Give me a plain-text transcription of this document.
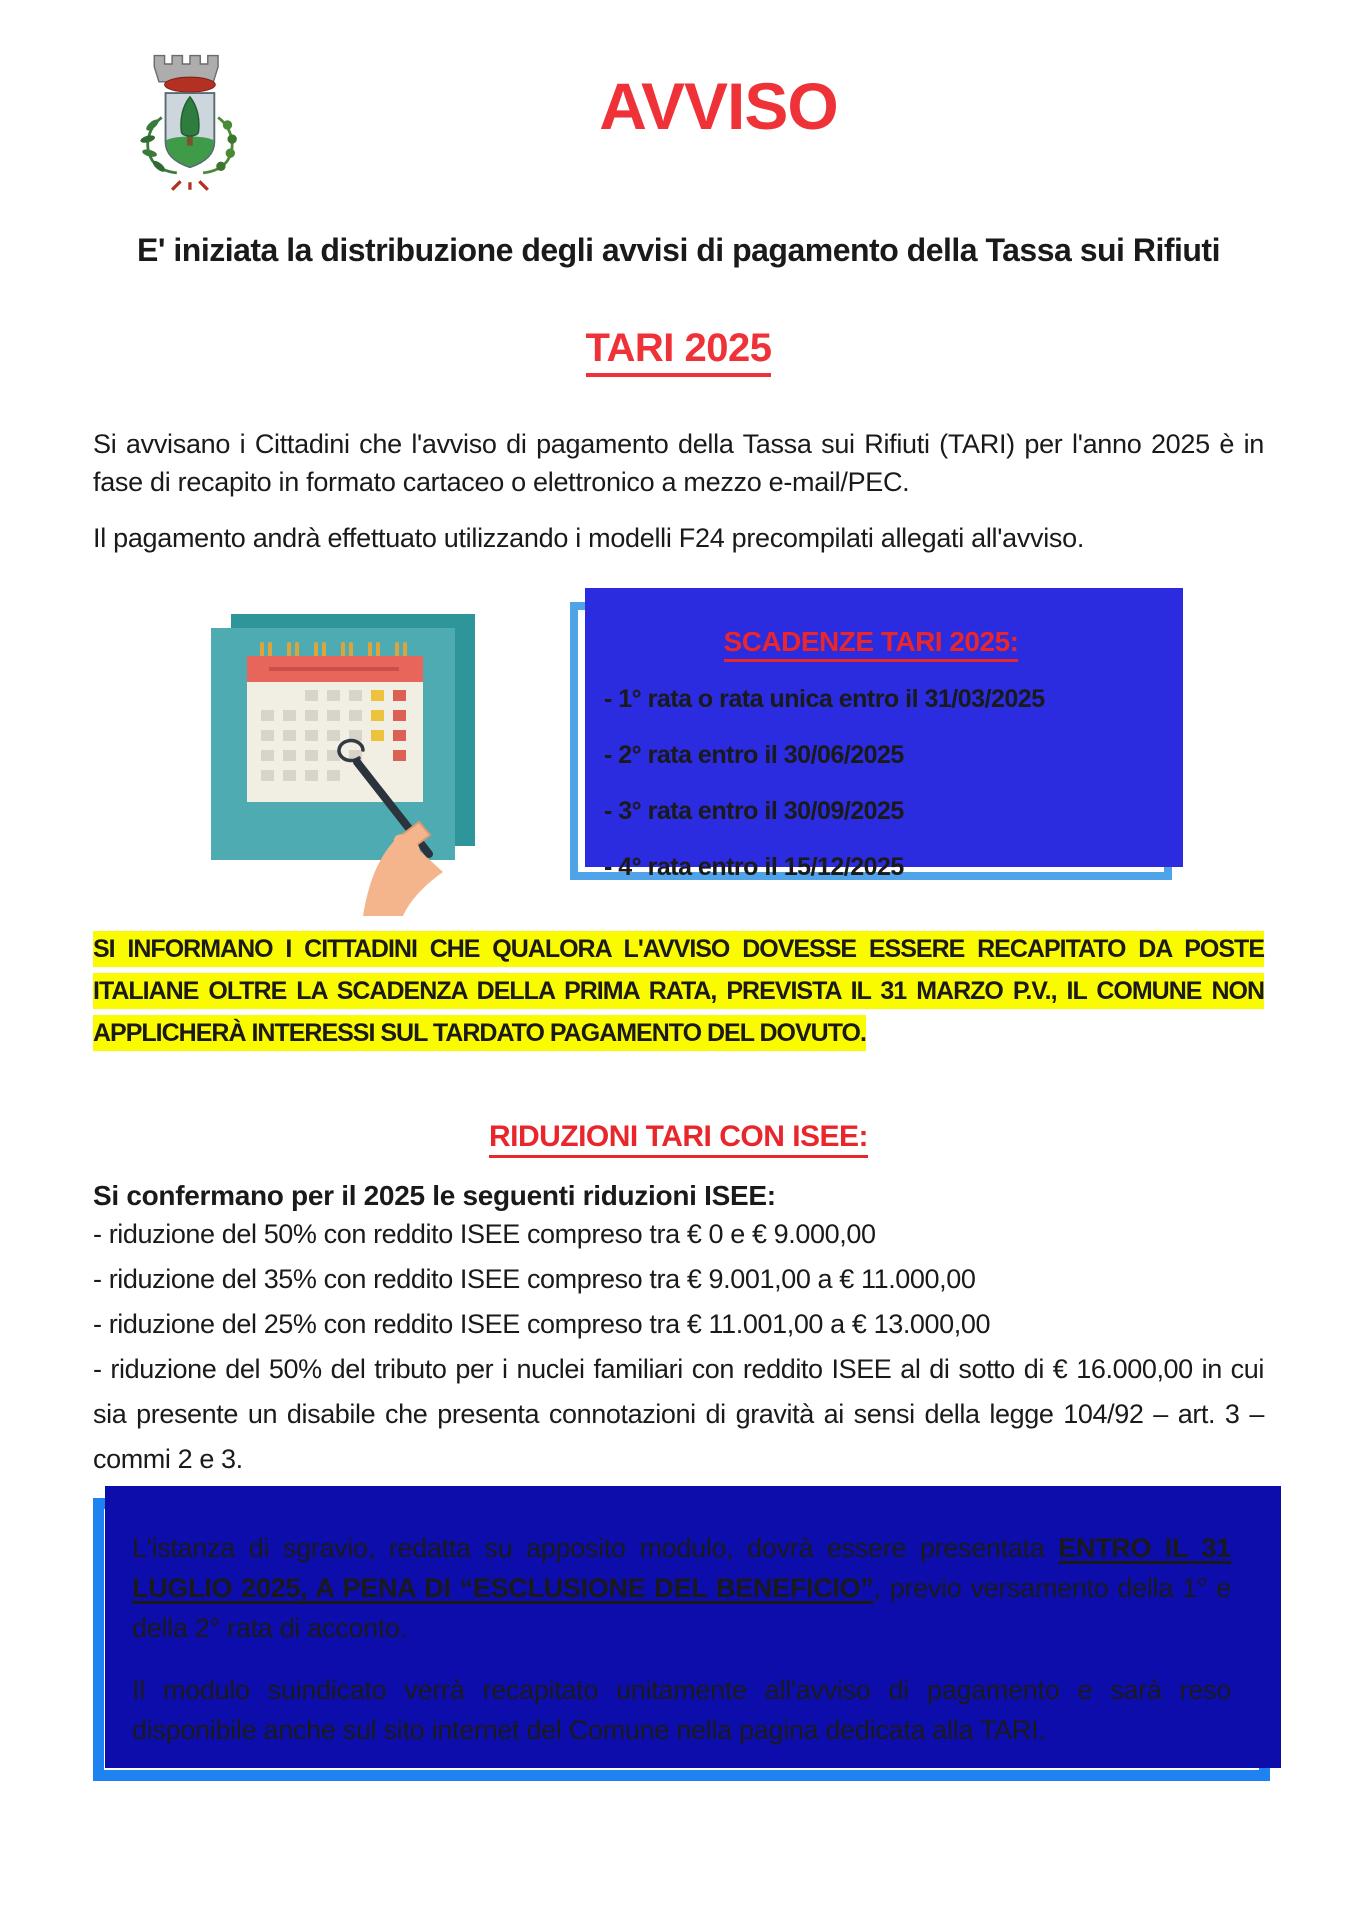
AVVISO
E' iniziata la distribuzione degli avvisi di pagamento della Tassa sui Rifiuti
TARI 2025

Si avvisano i Cittadini che l'avviso di pagamento della Tassa sui Rifiuti (TARI) per l'anno 2025 è in fase di recapito in formato cartaceo o elettronico a mezzo e-mail/PEC.

Il pagamento andrà effettuato utilizzando i modelli F24 precompilati allegati all'avviso.

SCADENZE TARI 2025:
- 1° rata o rata unica entro il 31/03/2025
- 2° rata entro il 30/06/2025
- 3° rata entro il 30/09/2025
- 4° rata entro il 15/12/2025
SI INFORMANO I CITTADINI CHE QUALORA L'AVVISO DOVESSE ESSERE RECAPITATO DA POSTE ITALIANE OLTRE LA SCADENZA DELLA PRIMA RATA, PREVISTA IL 31 MARZO P.V., IL COMUNE NON APPLICHERÀ INTERESSI SUL TARDATO PAGAMENTO DEL DOVUTO.
RIDUZIONI TARI CON ISEE:
Si confermano per il 2025 le seguenti riduzioni ISEE:
- riduzione del 50% con reddito ISEE compreso tra € 0 e € 9.000,00
- riduzione del 35% con reddito ISEE compreso tra € 9.001,00 a € 11.000,00
- riduzione del 25% con reddito ISEE compreso tra € 11.001,00 a € 13.000,00
- riduzione del 50% del tributo per i nuclei familiari con reddito ISEE al di sotto di € 16.000,00 in cui sia presente un disabile che presenta connotazioni di gravità ai sensi della legge 104/92 – art. 3 – commi 2 e 3.

L'istanza di sgravio, redatta su apposito modulo, dovrà essere presentata ENTRO IL 31 LUGLIO 2025, A PENA DI “ESCLUSIONE DEL BENEFICIO”, previo versamento della 1° e della 2° rata di acconto.

Il modulo suindicato verrà recapitato unitamente all'avviso di pagamento e sarà reso disponibile anche sul sito internet del Comune nella pagina dedicata alla TARI.
